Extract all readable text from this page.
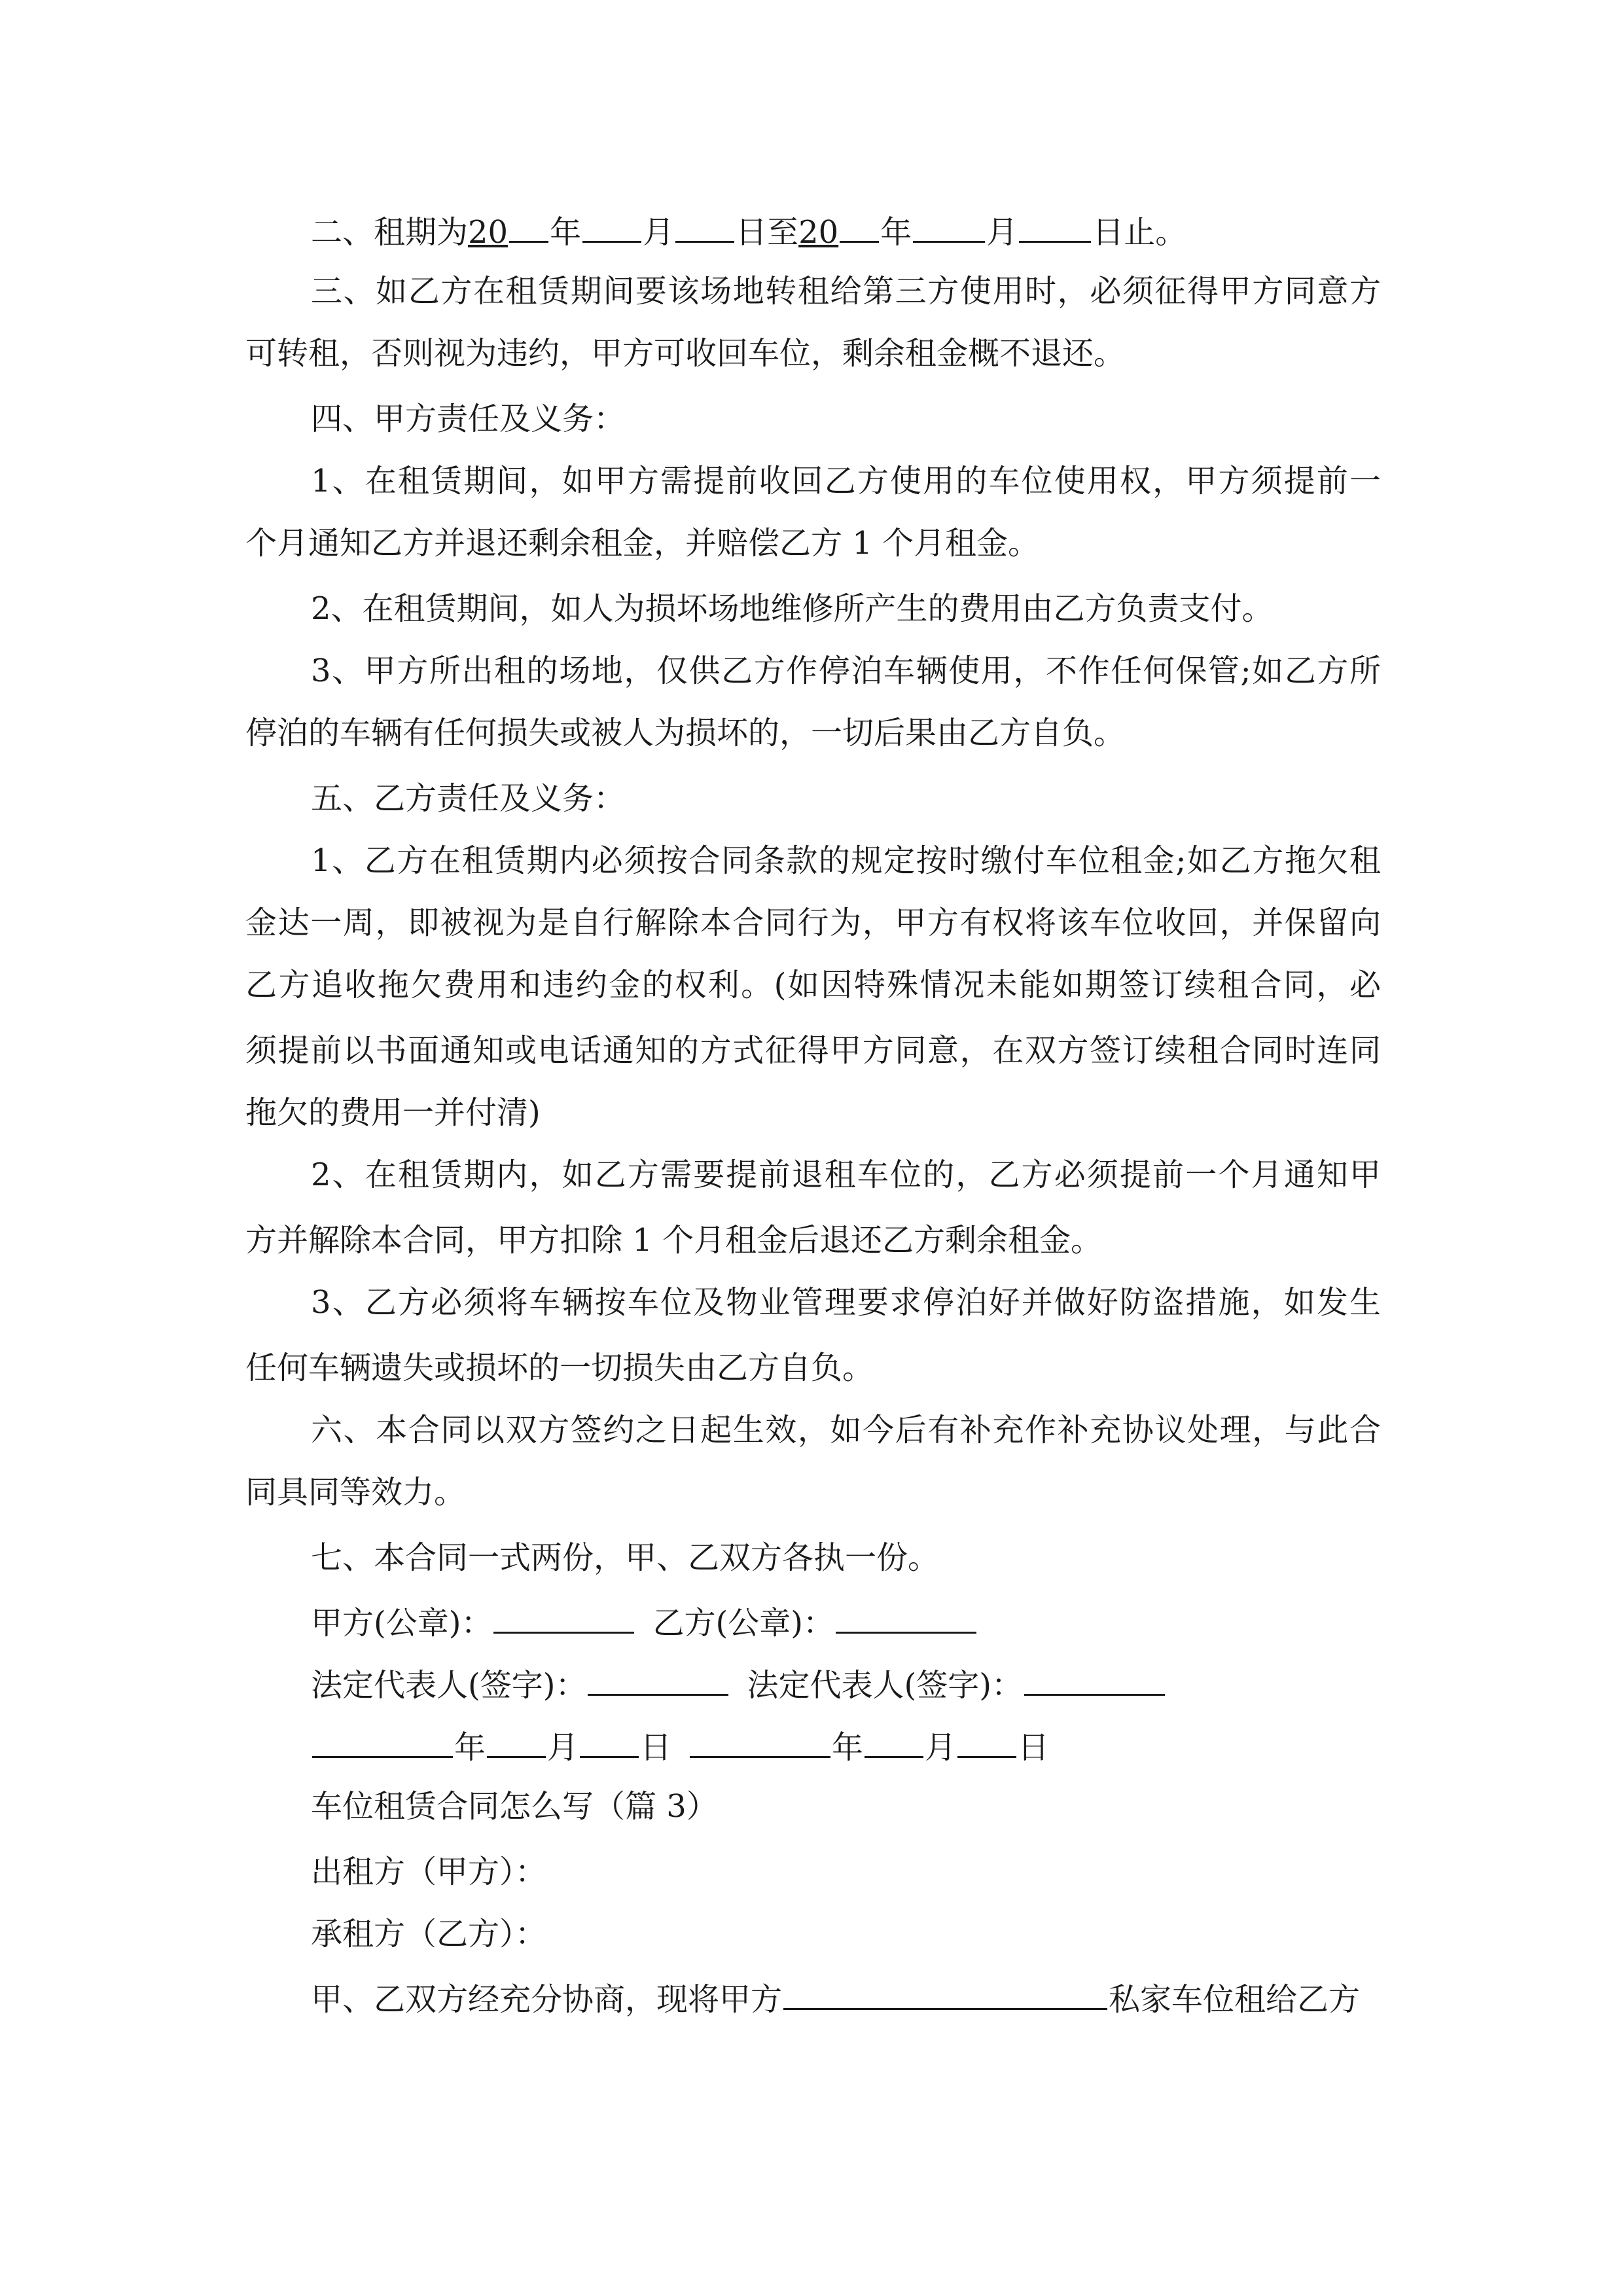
二、租期为20 年 月 日至20 年 月 日止。
三、如乙方在租赁期间要该场地转租给第三方使用时，必须征得甲方同意方
可转租，否则视为违约，甲方可收回车位，剩余租金概不退还。
四、甲方责任及义务：
1、在租赁期间，如甲方需提前收回乙方使用的车位使用权，甲方须提前一
个月通知乙方并退还剩余租金，并赔偿乙方 1 个月租金。
2、在租赁期间，如人为损坏场地维修所产生的费用由乙方负责支付。
3、甲方所出租的场地，仅供乙方作停泊车辆使用，不作任何保管;如乙方所
停泊的车辆有任何损失或被人为损坏的，一切后果由乙方自负。
五、乙方责任及义务：
1、乙方在租赁期内必须按合同条款的规定按时缴付车位租金;如乙方拖欠租
金达一周，即被视为是自行解除本合同行为，甲方有权将该车位收回，并保留向
乙方追收拖欠费用和违约金的权利。(如因特殊情况未能如期签订续租合同，必
须提前以书面通知或电话通知的方式征得甲方同意，在双方签订续租合同时连同
拖欠的费用一并付清)
2、在租赁期内，如乙方需要提前退租车位的，乙方必须提前一个月通知甲
方并解除本合同，甲方扣除 1 个月租金后退还乙方剩余租金。
3、乙方必须将车辆按车位及物业管理要求停泊好并做好防盗措施，如发生
任何车辆遗失或损坏的一切损失由乙方自负。
六、本合同以双方签约之日起生效，如今后有补充作补充协议处理，与此合
同具同等效力。
七、本合同一式两份，甲、乙双方各执一份。
甲方(公章)：	乙方(公章)：
法定代表人(签字)：	法定代表人(签字)：
年 月 日	年 月 日
车位租赁合同怎么写（篇 3）
出租方（甲方）：
承租方（乙方）：
甲、乙双方经充分协商，现将甲方	私家车位租给乙方
